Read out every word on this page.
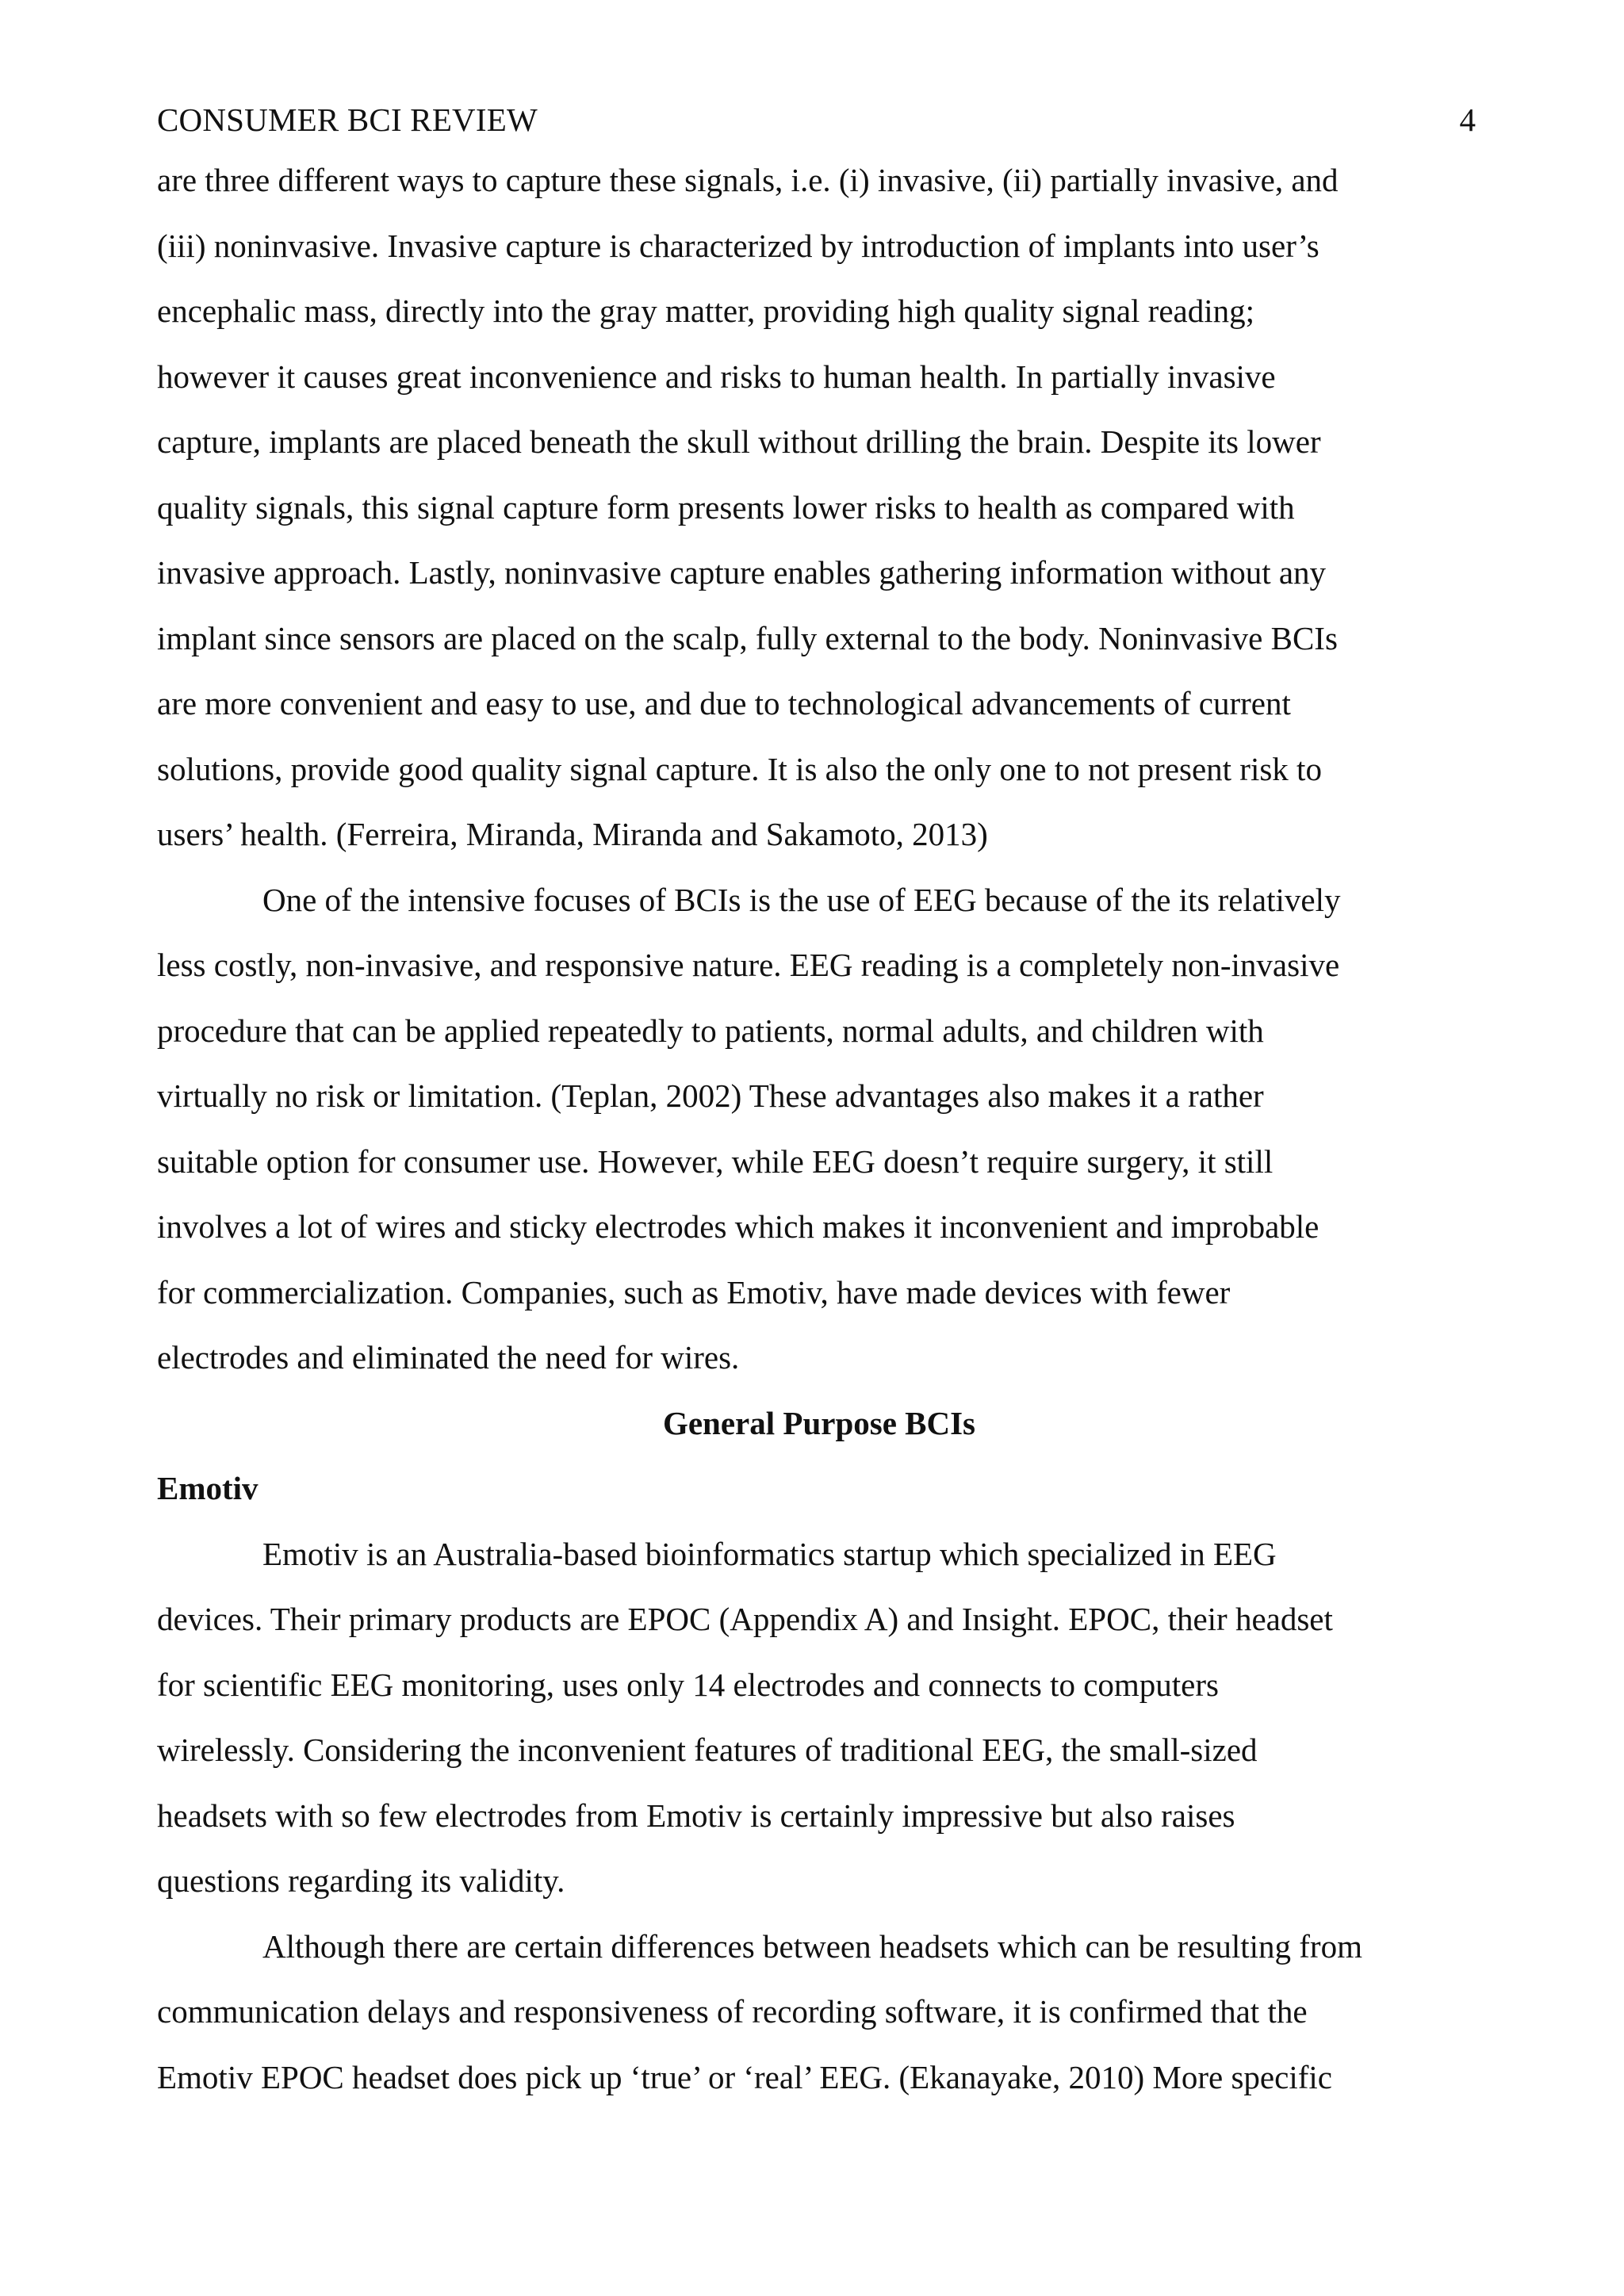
CONSUMER BCI REVIEW	4

are three different ways to capture these signals, i.e. (i) invasive, (ii) partially invasive, and
(iii) noninvasive. Invasive capture is characterized by introduction of implants into user’s
encephalic mass, directly into the gray matter, providing high quality signal reading;
however it causes great inconvenience and risks to human health. In partially invasive
capture, implants are placed beneath the skull without drilling the brain. Despite its lower
quality signals, this signal capture form presents lower risks to health as compared with
invasive approach. Lastly, noninvasive capture enables gathering information without any
implant since sensors are placed on the scalp, fully external to the body. Noninvasive BCIs
are more convenient and easy to use, and due to technological advancements of current
solutions, provide good quality signal capture. It is also the only one to not present risk to
users’ health. (Ferreira, Miranda, Miranda and Sakamoto, 2013)

One of the intensive focuses of BCIs is the use of EEG because of the its relatively
less costly, non-invasive, and responsive nature. EEG reading is a completely non-invasive
procedure that can be applied repeatedly to patients, normal adults, and children with
virtually no risk or limitation. (Teplan, 2002) These advantages also makes it a rather
suitable option for consumer use. However, while EEG doesn’t require surgery, it still
involves a lot of wires and sticky electrodes which makes it inconvenient and improbable
for commercialization. Companies, such as Emotiv, have made devices with fewer
electrodes and eliminated the need for wires.

General Purpose BCIs

Emotiv

Emotiv is an Australia-based bioinformatics startup which specialized in EEG
devices. Their primary products are EPOC (Appendix A) and Insight. EPOC, their headset
for scientific EEG monitoring, uses only 14 electrodes and connects to computers
wirelessly. Considering the inconvenient features of traditional EEG, the small-sized
headsets with so few electrodes from Emotiv is certainly impressive but also raises
questions regarding its validity.

Although there are certain differences between headsets which can be resulting from
communication delays and responsiveness of recording software, it is confirmed that the
Emotiv EPOC headset does pick up ‘true’ or ‘real’ EEG. (Ekanayake, 2010) More specific
